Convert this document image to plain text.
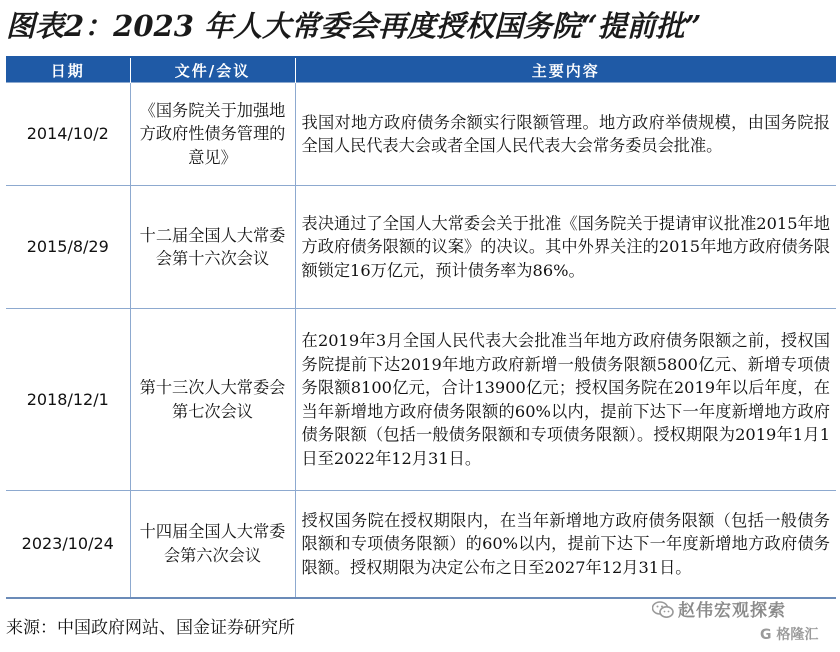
图表2：2023 年人大常委会再度授权国务院“提前批”
日期	文件/会议	主要内容
2014/10/2	《国务院关于加强地方政府性债务管理的意见》	我国对地方政府债务余额实行限额管理。地方政府举债规模，由国务院报全国人民代表大会或者全国人民代表大会常务委员会批准。
2015/8/29	十二届全国人大常委会第十六次会议	表决通过了全国人大常委会关于批准《国务院关于提请审议批准2015年地方政府债务限额的议案》的决议。其中外界关注的2015年地方政府债务限额锁定16万亿元，预计债务率为86%。
2018/12/1	第十三次人大常委会第七次会议	在2019年3月全国人民代表大会批准当年地方政府债务限额之前，授权国务院提前下达2019年地方政府新增一般债务限额5800亿元、新增专项债务限额8100亿元，合计13900亿元；授权国务院在2019年以后年度，在当年新增地方政府债务限额的60%以内，提前下达下一年度新增地方政府债务限额（包括一般债务限额和专项债务限额）。授权期限为2019年1月1日至2022年12月31日。
2023/10/24	十四届全国人大常委会第六次会议	授权国务院在授权期限内，在当年新增地方政府债务限额（包括一般债务限额和专项债务限额）的60%以内，提前下达下一年度新增地方政府债务限额。授权期限为决定公布之日至2027年12月31日。
来源：中国政府网站、国金证券研究所
赵伟宏观探索
G 格隆汇
